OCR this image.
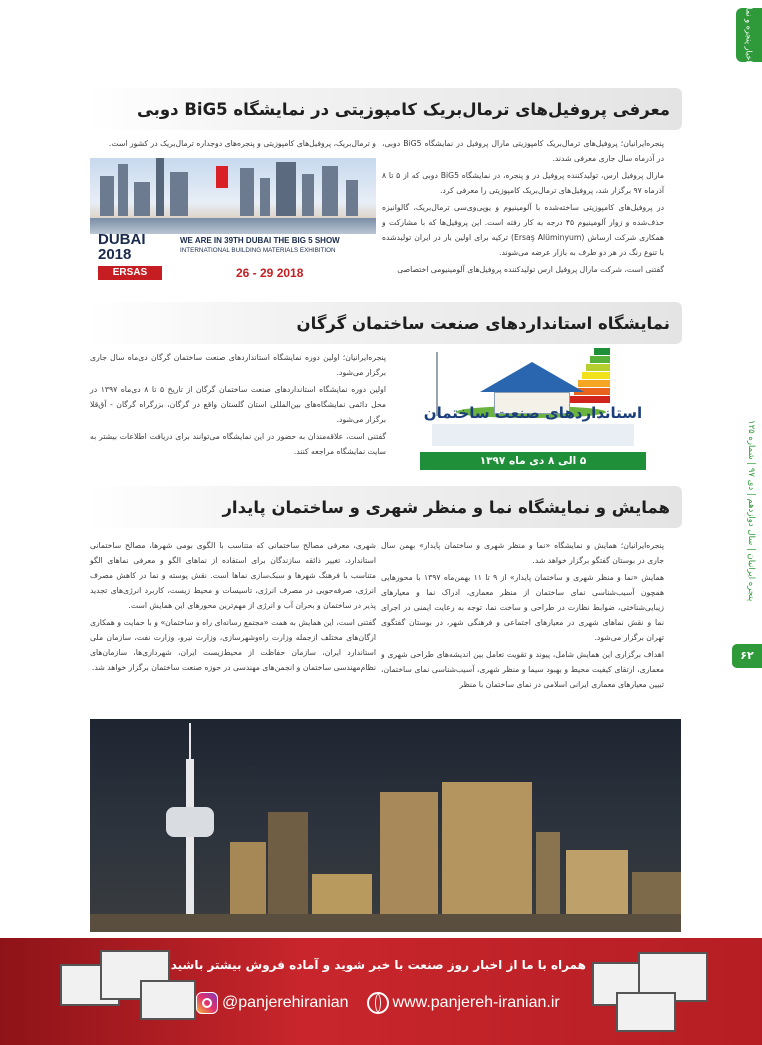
اخبار پنجره و نما
پنجره ایرانیان | سال دوازدهم | دی ۹۷ | شماره ۱۲۵
۶۲
معرفی پروفیل‌های ترمال‌بریک کامپوزیتی در نمایشگاه BiG5 دوبی

پنجره‌ایرانیان؛ پروفیل‌های ترمال‌بریک کامپوزیتی مارال پروفیل در نمایشگاه BiG5 دوبی، در آذرماه سال جاری معرفی شدند.

مارال پروفیل ارس، تولیدکننده پروفیل در و پنجره، در نمایشگاه BiG5 دوبی که از ۵ تا ۸ آذرماه ۹۷ برگزار شد، پروفیل‌های ترمال‌بریک کامپوزیتی را معرفی کرد.

در پروفیل‌های کامپوزیتی ساخته‌شده با آلومینیوم و یوپی‌وی‌سی ترمال‌بریک، گالوانیزه حذف‌شده و زوار آلومینیوم ۴۵ درجه به کار رفته است. این پروفیل‌ها که با مشارکت و همکاری شرکت ارساش (Ersaş Alüminyum) ترکیه برای اولین بار در ایران تولیدشده با تنوع رنگ در هر دو طرف به بازار عرضه می‌شوند.

گفتنی است، شرکت مارال پروفیل ارس تولیدکننده پروفیل‌های آلومینیومی اختصاصی

و ترمال‌بریک، پروفیل‌های کامپوزیتی و پنجره‌های دوجداره ترمال‌بریک در کشور است.

DUBAI
2018
ERSAS
WE ARE IN 39TH DUBAI THE BIG 5 SHOW
INTERNATIONAL BUILDING MATERIALS EXHIBITION
26 - 29 2018
نمایشگاه استانداردهای صنعت ساختمان گرگان

پنجره‌ایرانیان؛ اولین دوره نمایشگاه استانداردهای صنعت ساختمان گرگان دی‌ماه سال جاری برگزار می‌شود.

اولین دوره نمایشگاه استانداردهای صنعت ساختمان گرگان از تاریخ ۵ تا ۸ دی‌ماه ۱۳۹۷ در محل دائمی نمایشگاه‌های بین‌المللی استان گلستان واقع در گرگان، بزرگراه گرگان - آق‌قلا برگزار می‌شود.

گفتنی است، علاقه‌مندان به حضور در این نمایشگاه می‌توانند برای دریافت اطلاعات بیشتر به سایت نمایشگاه مراجعه کنند.

استانداردهای صنعت ساختمان
۵ الی ۸ دی ماه ۱۳۹۷
همایش و نمایشگاه نما و منظر شهری و ساختمان پایدار

پنجره‌ایرانیان؛ همایش و نمایشگاه «نما و منظر شهری و ساختمان پایدار» بهمن سال جاری در بوستان گفتگو برگزار خواهد شد.

همایش «نما و منظر شهری و ساختمان پایدار» از ۹ تا ۱۱ بهمن‌ماه ۱۳۹۷ با محورهایی همچون آسیب‌شناسی نمای ساختمان از منظر معماری، ادراک نما و معیارهای زیبایی‌شناختی، ضوابط نظارت در طراحی و ساخت نما، توجه به رعایت ایمنی در اجرای نما و نقش نماهای شهری در معیارهای اجتماعی و فرهنگی شهر، در بوستان گفتگوی تهران برگزار می‌شود.

اهداف برگزاری این همایش شامل، پیوند و تقویت تعامل بین اندیشه‌های طراحی شهری و معماری، ارتقای کیفیت محیط و بهبود سیما و منظر شهری، آسیب‌شناسی نمای ساختمان، تبیین معیارهای معماری ایرانی اسلامی در نمای ساختمان با منظر

شهری، معرفی مصالح ساختمانی که متناسب با الگوی بومی شهرها، مصالح ساختمانی استاندارد، تغییر ذائقه سازندگان برای استفاده از نماهای الگو و معرفی نماهای الگو متناسب با فرهنگ شهرها و سبک‌سازی نماها است. نقش پوسته و نما در کاهش مصرف انرژی، صرفه‌جویی در مصرف انرژی، تاسیسات و محیط زیست، کاربرد انرژی‌های تجدید پذیر در ساختمان و بحران آب و انرژی از مهم‌ترین محورهای این همایش است.

گفتنی است، این همایش به همت «مجتمع رسانه‌ای راه و ساختمان» و با حمایت و همکاری ارگان‌های مختلف ازجمله وزارت راه‌وشهرسازی، وزارت نیرو، وزارت نفت، سازمان ملی استاندارد ایران، سازمان حفاظت از محیط‌زیست ایران، شهرداری‌ها، سازمان‌های نظام‌مهندسی ساختمان و انجمن‌های مهندسی در حوزه صنعت ساختمان برگزار خواهد شد.

همراه با ما از اخبار روز صنعت با خبر شوید و آماده فروش بیشتر باشید
@panjerehiranian	www.panjereh-iranian.ir
